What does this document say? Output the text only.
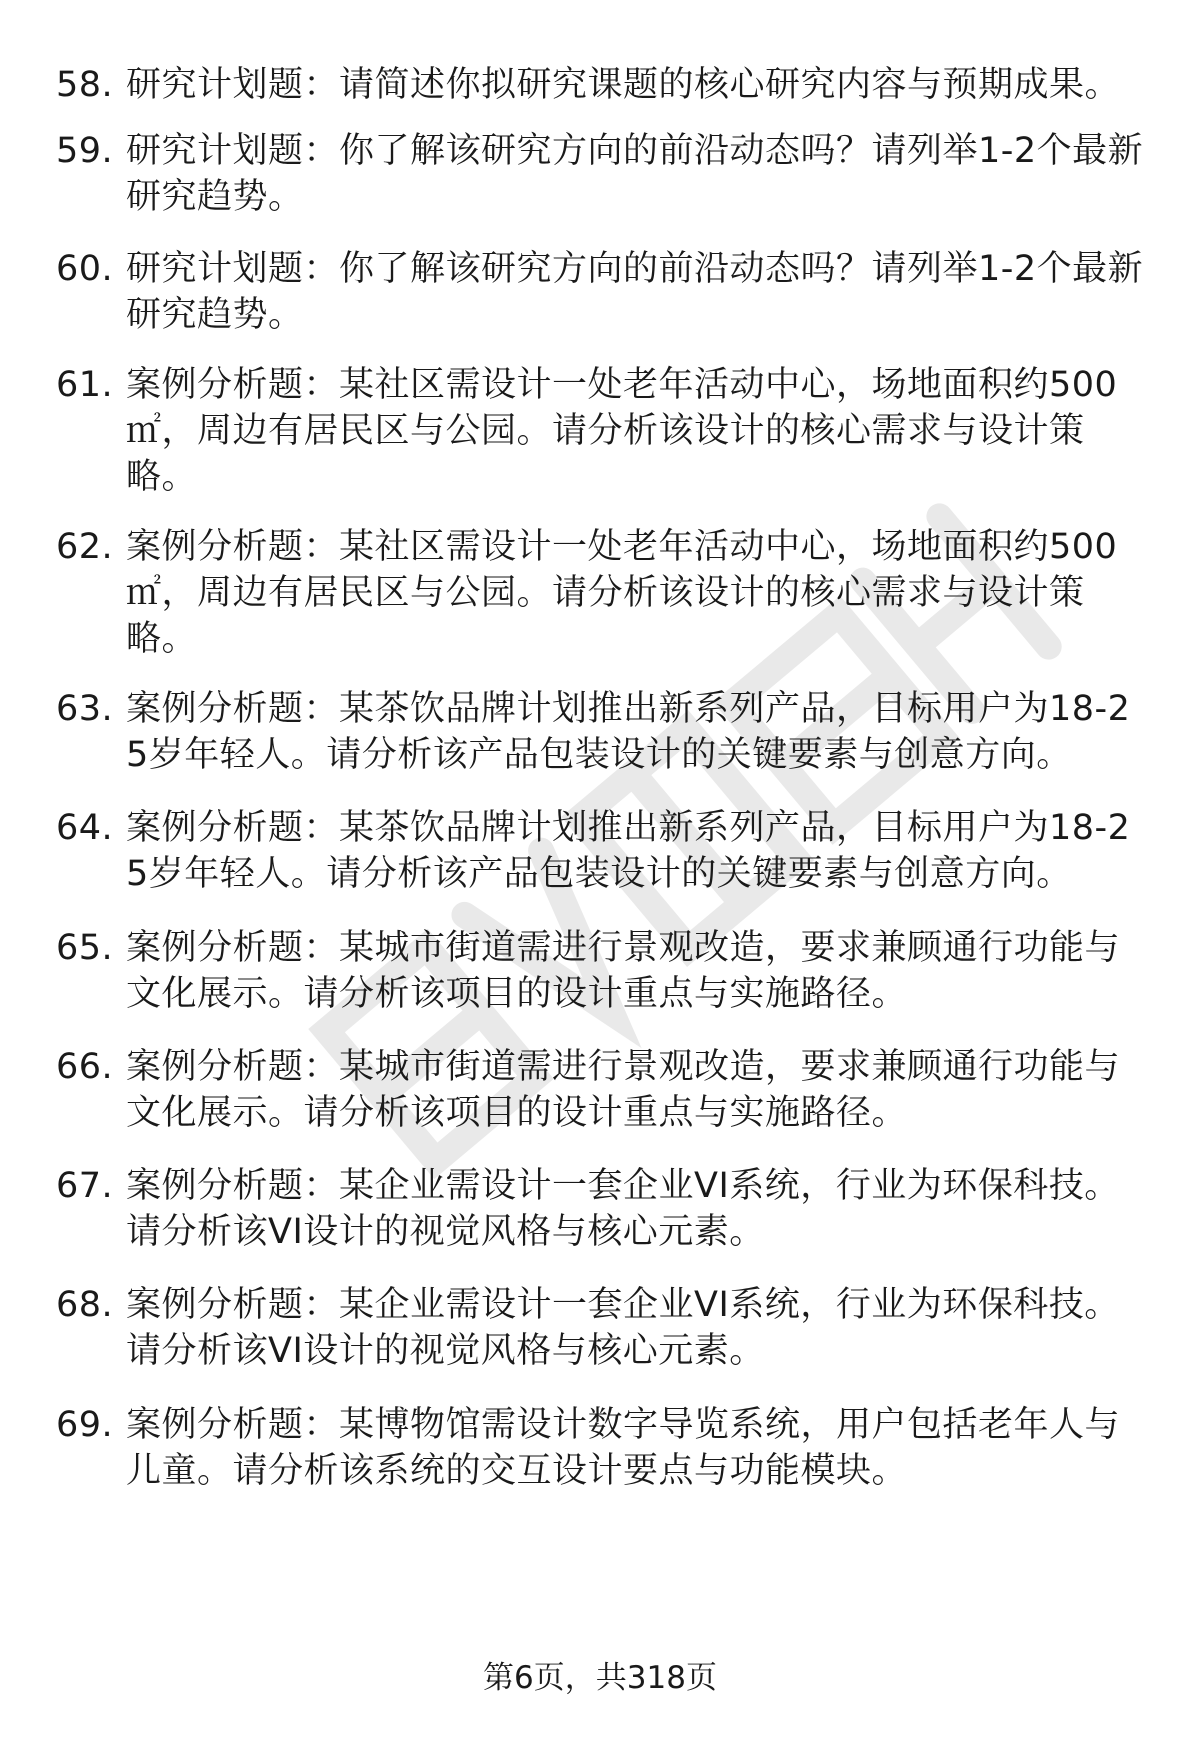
58. 研究计划题：请简述你拟研究课题的核心研究内容与预期成果。
59. 研究计划题：你了解该研究方向的前沿动态吗？请列举1-2个最新研究趋势。
60. 研究计划题：你了解该研究方向的前沿动态吗？请列举1-2个最新研究趋势。
61. 案例分析题：某社区需设计一处老年活动中心，场地面积约500㎡，周边有居民区与公园。请分析该设计的核心需求与设计策略。
62. 案例分析题：某社区需设计一处老年活动中心，场地面积约500㎡，周边有居民区与公园。请分析该设计的核心需求与设计策略。
63. 案例分析题：某茶饮品牌计划推出新系列产品，目标用户为18-25岁年轻人。请分析该产品包装设计的关键要素与创意方向。
64. 案例分析题：某茶饮品牌计划推出新系列产品，目标用户为18-25岁年轻人。请分析该产品包装设计的关键要素与创意方向。
65. 案例分析题：某城市街道需进行景观改造，要求兼顾通行功能与文化展示。请分析该项目的设计重点与实施路径。
66. 案例分析题：某城市街道需进行景观改造，要求兼顾通行功能与文化展示。请分析该项目的设计重点与实施路径。
67. 案例分析题：某企业需设计一套企业VI系统，行业为环保科技。请分析该VI设计的视觉风格与核心元素。
68. 案例分析题：某企业需设计一套企业VI系统，行业为环保科技。请分析该VI设计的视觉风格与核心元素。
69. 案例分析题：某博物馆需设计数字导览系统，用户包括老年人与儿童。请分析该系统的交互设计要点与功能模块。
第6页，共318页
